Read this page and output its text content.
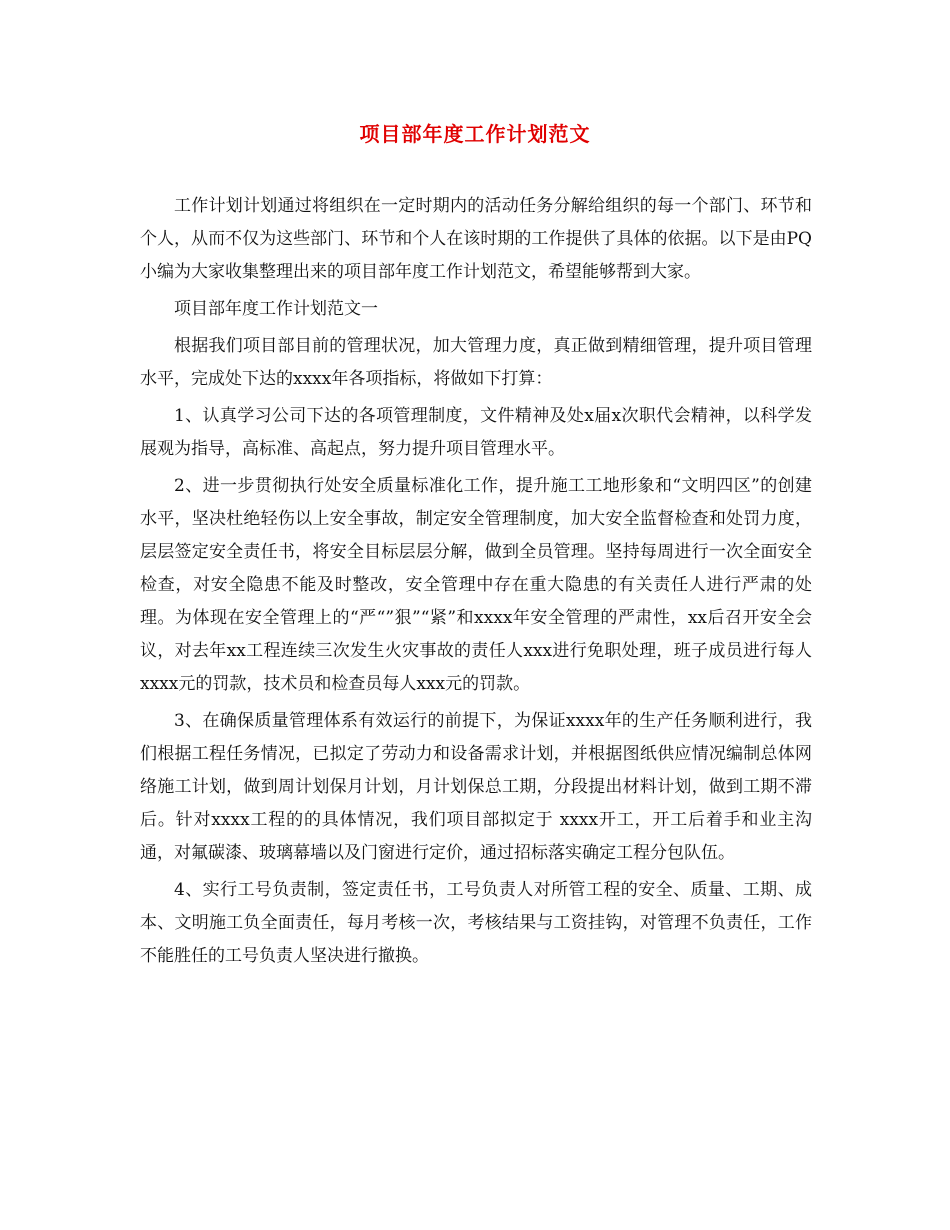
项目部年度工作计划范文

工作计划计划通过将组织在一定时期内的活动任务分解给组织的每一个部门、环节和个人，从而不仅为这些部门、环节和个人在该时期的工作提供了具体的依据。以下是由PQ小编为大家收集整理出来的项目部年度工作计划范文，希望能够帮到大家。

项目部年度工作计划范文一

根据我们项目部目前的管理状况，加大管理力度，真正做到精细管理，提升项目管理水平，完成处下达的xxxx年各项指标，将做如下打算：

1、认真学习公司下达的各项管理制度，文件精神及处x届x次职代会精神，以科学发展观为指导，高标准、高起点，努力提升项目管理水平。

2、进一步贯彻执行处安全质量标准化工作，提升施工工地形象和“文明四区”的创建水平，坚决杜绝轻伤以上安全事故，制定安全管理制度，加大安全监督检查和处罚力度，层层签定安全责任书，将安全目标层层分解，做到全员管理。坚持每周进行一次全面安全检查，对安全隐患不能及时整改，安全管理中存在重大隐患的有关责任人进行严肃的处理。为体现在安全管理上的“严“”狠”“紧”和xxxx年安全管理的严肃性，xx后召开安全会议，对去年xx工程连续三次发生火灾事故的责任人xxx进行免职处理，班子成员进行每人xxxx元的罚款，技术员和检查员每人xxx元的罚款。

3、在确保质量管理体系有效运行的前提下，为保证xxxx年的生产任务顺利进行，我们根据工程任务情况，已拟定了劳动力和设备需求计划，并根据图纸供应情况编制总体网络施工计划，做到周计划保月计划，月计划保总工期，分段提出材料计划，做到工期不滞后。针对xxxx工程的的具体情况，我们项目部拟定于 xxxx开工，开工后着手和业主沟通，对氟碳漆、玻璃幕墙以及门窗进行定价，通过招标落实确定工程分包队伍。

4、实行工号负责制，签定责任书，工号负责人对所管工程的安全、质量、工期、成本、文明施工负全面责任，每月考核一次，考核结果与工资挂钩，对管理不负责任，工作不能胜任的工号负责人坚决进行撤换。
